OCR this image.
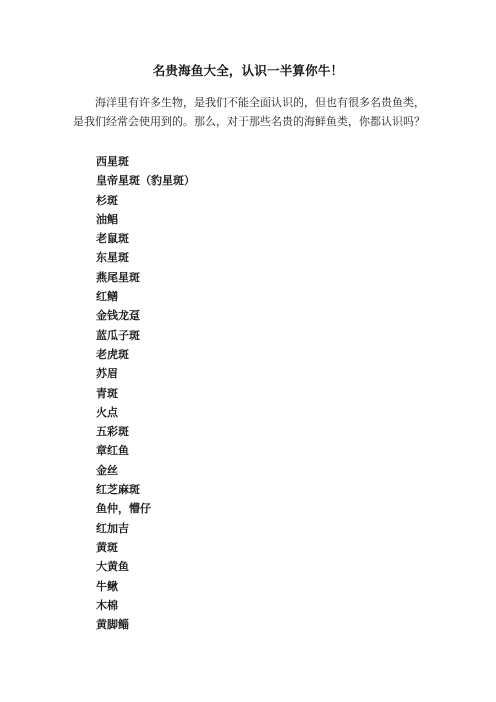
名贵海鱼大全，认识一半算你牛！

海洋里有许多生物，是我们不能全面认识的，但也有很多名贵鱼类，是我们经常会使用到的。那么，对于那些名贵的海鲜鱼类，你都认识吗？

西星斑
皇帝星斑（豹星斑）
杉斑
油鲳
老鼠斑
东星斑
燕尾星斑
红鳝
金钱龙趸
蓝瓜子斑
老虎斑
苏眉
青斑
火点
五彩斑
章红鱼
金丝
红芝麻斑
鱼仲，懵仔
红加吉
黄斑
大黄鱼
牛鳅
木棉
黄脚鲻
